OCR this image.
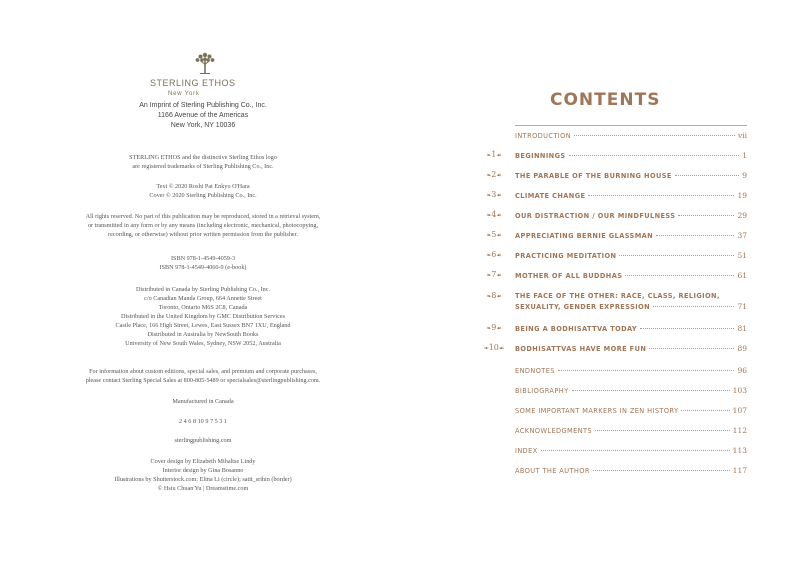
STERLING ETHOS
New York
An Imprint of Sterling Publishing Co., Inc.
1166 Avenue of the Americas
New York, NY 10036
STERLING ETHOS and the distinctive Sterling Ethos logo
are registered trademarks of Sterling Publishing Co., Inc.
Text © 2020 Roshi Pat Enkyo O'Hara
Cover © 2020 Sterling Publishing Co., Inc.
All rights reserved. No part of this publication may be reproduced, stored in a retrieval system,
or transmitted in any form or by any means (including electronic, mechanical, photocopying,
recording, or otherwise) without prior written permission from the publisher.
ISBN 978-1-4549-4059-3
ISBN 978-1-4549-4060-9 (e-book)
Distributed in Canada by Sterling Publishing Co., Inc.
c/o Canadian Manda Group, 664 Annette Street
Toronto, Ontario M6S 2C8, Canada
Distributed in the United Kingdom by GMC Distribution Services
Castle Place, 166 High Street, Lewes, East Sussex BN7 1XU, England
Distributed in Australia by NewSouth Books
University of New South Wales, Sydney, NSW 2052, Australia
For information about custom editions, special sales, and premium and corporate purchases,
please contact Sterling Special Sales at 800-805-5489 or specialsales@sterlingpublishing.com.
Manufactured in Canada
2 4 6 8 10 9 7 5 3 1
sterlingpublishing.com
Cover design by Elizabeth Mihaltse Lindy
Interior design by Gina Bosanno
Illustrations by Shutterstock.com: Elina Li (circle); satit_srihin (border)
© Hsiu Chuan Yu | Dreamstime.com
CONTENTS
INTRODUCTION	vii
BEGINNINGS	1
❧1☙
THE PARABLE OF THE BURNING HOUSE	9
❧2☙
CLIMATE CHANGE	19
❧3☙
OUR DISTRACTION / OUR MINDFULNESS	29
❧4☙
APPRECIATING BERNIE GLASSMAN	37
❧5☙
PRACTICING MEDITATION	51
❧6☙
MOTHER OF ALL BUDDHAS	61
❧7☙
THE FACE OF THE OTHER: RACE, CLASS, RELIGION,
SEXUALITY, GENDER EXPRESSION	71
❧8☙
BEING A BODHISATTVA TODAY	81
❧9☙
BODHISATTVAS HAVE MORE FUN	89
❧10☙
ENDNOTES	96
BIBLIOGRAPHY	103
SOME IMPORTANT MARKERS IN ZEN HISTORY	107
ACKNOWLEDGMENTS	112
INDEX	113
ABOUT THE AUTHOR	117
